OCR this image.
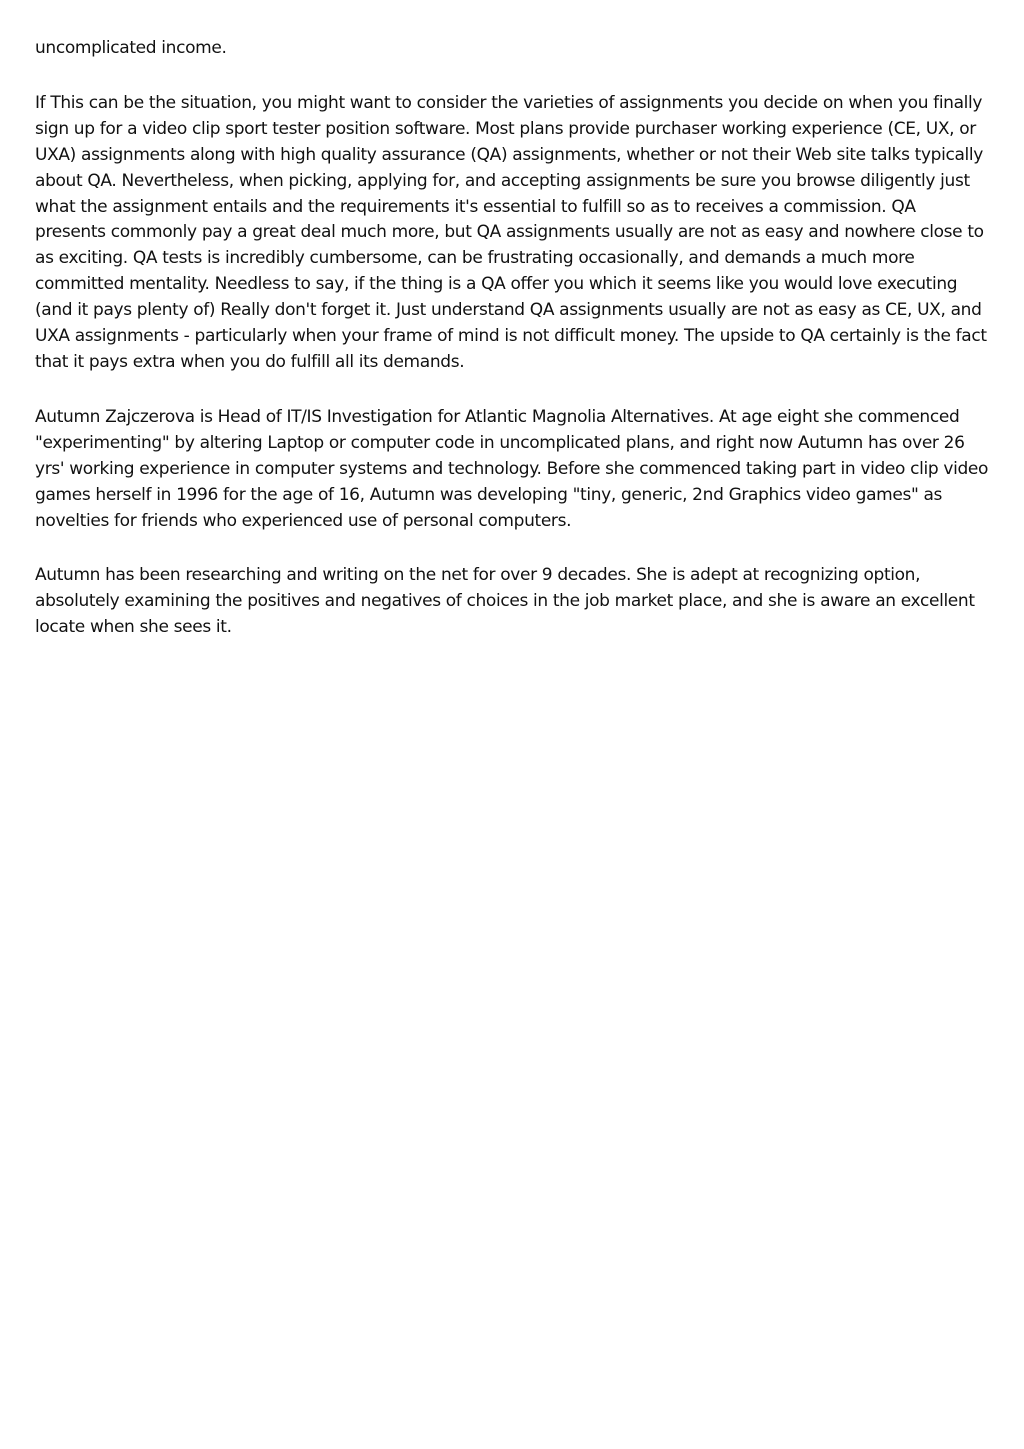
uncomplicated income.

If This can be the situation, you might want to consider the varieties of assignments you decide on when you finally sign up for a video clip sport tester position software. Most plans provide purchaser working experience (CE, UX, or UXA) assignments along with high quality assurance (QA) assignments, whether or not their Web site talks typically about QA. Nevertheless, when picking, applying for, and accepting assignments be sure you browse diligently just what the assignment entails and the requirements it's essential to fulfill so as to receives a commission. QA presents commonly pay a great deal much more, but QA assignments usually are not as easy and nowhere close to as exciting. QA tests is incredibly cumbersome, can be frustrating occasionally, and demands a much more committed mentality. Needless to say, if the thing is a QA offer you which it seems like you would love executing (and it pays plenty of) Really don't forget it. Just understand QA assignments usually are not as easy as CE, UX, and UXA assignments - particularly when your frame of mind is not difficult money. The upside to QA certainly is the fact that it pays extra when you do fulfill all its demands.

Autumn Zajczerova is Head of IT/IS Investigation for Atlantic Magnolia Alternatives. At age eight she commenced "experimenting" by altering Laptop or computer code in uncomplicated plans, and right now Autumn has over 26 yrs' working experience in computer systems and technology. Before she commenced taking part in video clip video games herself in 1996 for the age of 16, Autumn was developing "tiny, generic, 2nd Graphics video games" as novelties for friends who experienced use of personal computers.

Autumn has been researching and writing on the net for over 9 decades. She is adept at recognizing option, absolutely examining the positives and negatives of choices in the job market place, and she is aware an excellent locate when she sees it.
